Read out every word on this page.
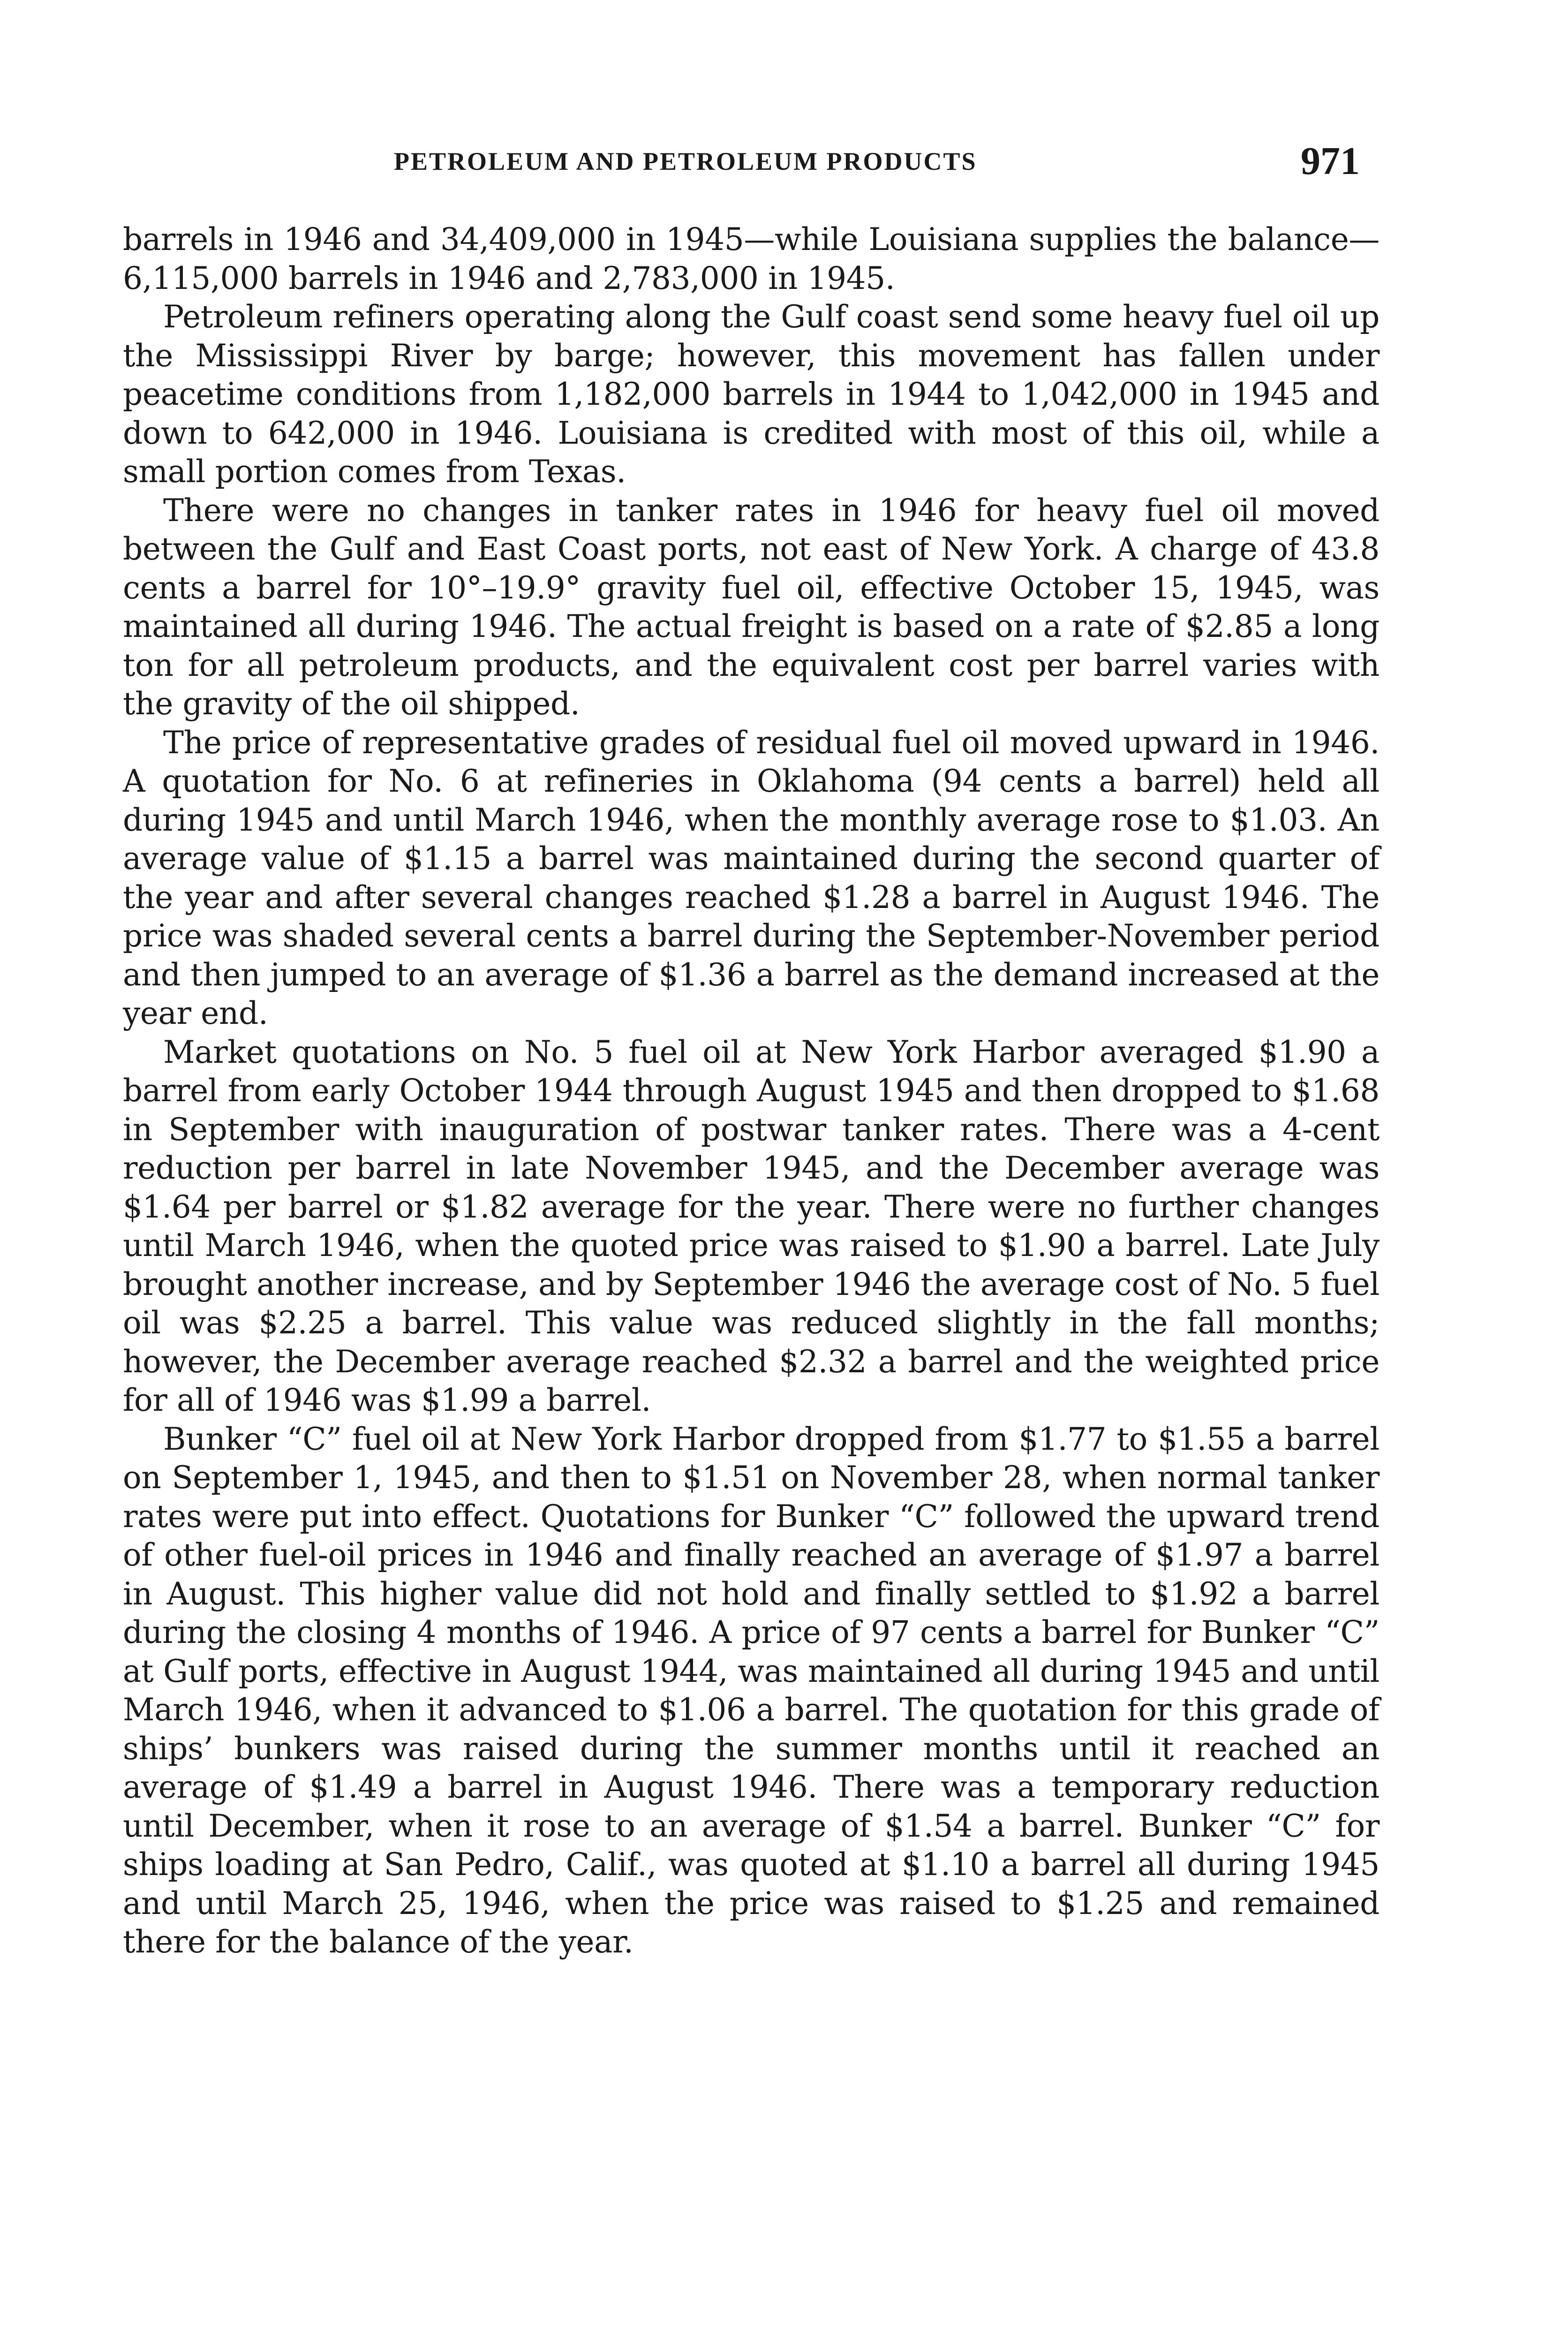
PETROLEUM AND PETROLEUM PRODUCTS	971

barrels in 1946 and 34,409,000 in 1945—while Louisiana supplies the balance—6,115,000 barrels in 1946 and 2,783,000 in 1945.

Petroleum refiners operating along the Gulf coast send some heavy fuel oil up the Mississippi River by barge; however, this movement has fallen under peacetime conditions from 1,182,000 barrels in 1944 to 1,042,000 in 1945 and down to 642,000 in 1946. Louisiana is credited with most of this oil, while a small portion comes from Texas.

There were no changes in tanker rates in 1946 for heavy fuel oil moved between the Gulf and East Coast ports, not east of New York. A charge of 43.8 cents a barrel for 10°–19.9° gravity fuel oil, effective October 15, 1945, was maintained all during 1946. The actual freight is based on a rate of $2.85 a long ton for all petroleum products, and the equivalent cost per barrel varies with the gravity of the oil shipped.

The price of representative grades of residual fuel oil moved upward in 1946. A quotation for No. 6 at refineries in Oklahoma (94 cents a barrel) held all during 1945 and until March 1946, when the monthly average rose to $1.03. An average value of $1.15 a barrel was maintained during the second quarter of the year and after several changes reached $1.28 a barrel in August 1946. The price was shaded several cents a barrel during the September-November period and then jumped to an average of $1.36 a barrel as the demand increased at the year end.

Market quotations on No. 5 fuel oil at New York Harbor averaged $1.90 a barrel from early October 1944 through August 1945 and then dropped to $1.68 in September with inauguration of postwar tanker rates. There was a 4-cent reduction per barrel in late November 1945, and the December average was $1.64 per barrel or $1.82 average for the year. There were no further changes until March 1946, when the quoted price was raised to $1.90 a barrel. Late July brought another increase, and by September 1946 the average cost of No. 5 fuel oil was $2.25 a barrel. This value was reduced slightly in the fall months; however, the December average reached $2.32 a barrel and the weighted price for all of 1946 was $1.99 a barrel.

Bunker “C” fuel oil at New York Harbor dropped from $1.77 to $1.55 a barrel on September 1, 1945, and then to $1.51 on November 28, when normal tanker rates were put into effect. Quotations for Bunker “C” followed the upward trend of other fuel-oil prices in 1946 and finally reached an average of $1.97 a barrel in August. This higher value did not hold and finally settled to $1.92 a barrel during the closing 4 months of 1946. A price of 97 cents a barrel for Bunker “C” at Gulf ports, effective in August 1944, was maintained all during 1945 and until March 1946, when it advanced to $1.06 a barrel. The quotation for this grade of ships’ bunkers was raised during the summer months until it reached an average of $1.49 a barrel in August 1946. There was a temporary reduction until December, when it rose to an average of $1.54 a barrel. Bunker “C” for ships loading at San Pedro, Calif., was quoted at $1.10 a barrel all during 1945 and until March 25, 1946, when the price was raised to $1.25 and remained there for the balance of the year.
